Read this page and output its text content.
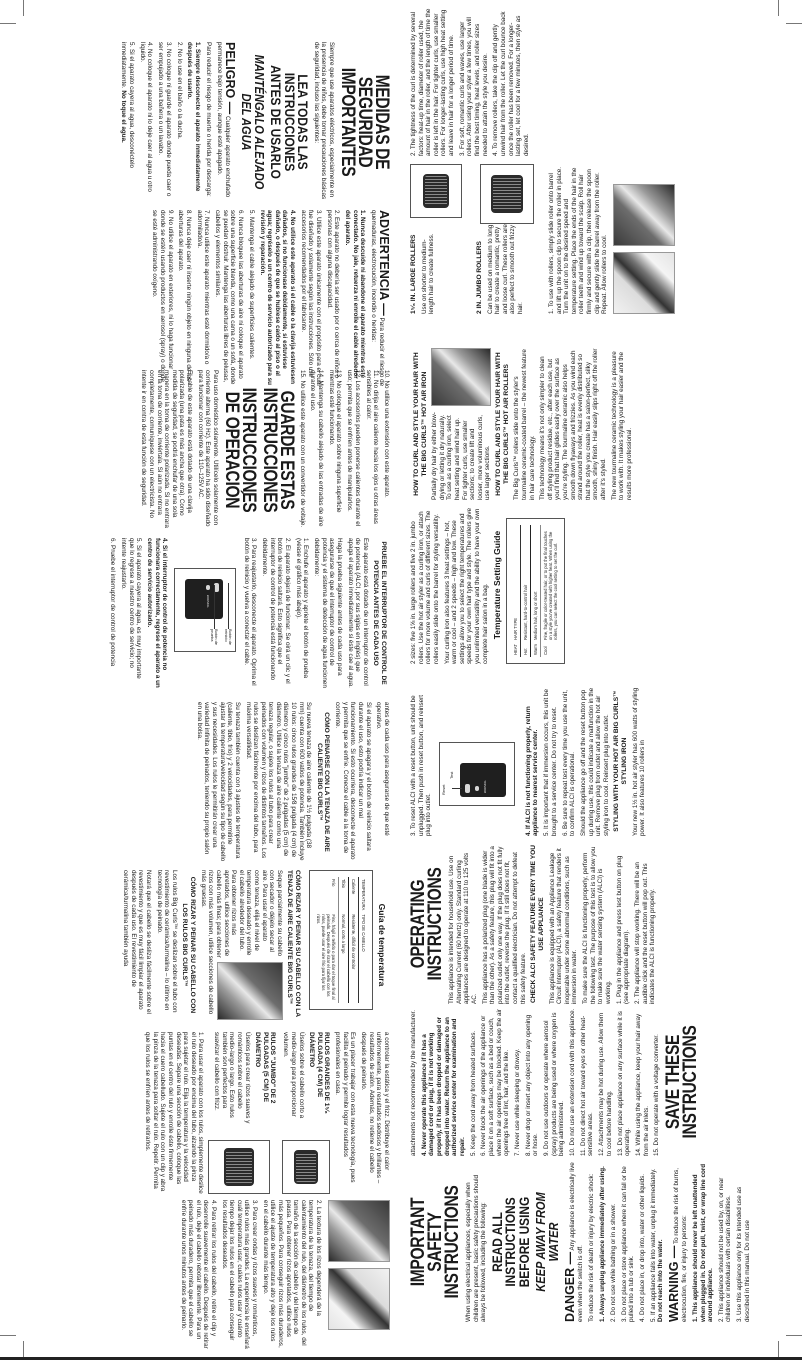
MEDIDAS DE SEGURIDAD IMPORTANTES

Siempre que use aparatos eléctricos, especialmente en la presencia de niños, debe tomar precauciones básicas de seguridad, incluso las siguientes:

LEA TODAS LAS INSTRUCCIONES ANTES DE USARLO
MANTÉNGALO ALEJADO DEL AGUA

PELIGRO — Cualquier aparato enchufado permanece bajo tensión, aunque esté apagado.

Para reducir el riesgo de muerte o herida por descarga:

1. Siempre desconecte el aparato inmediatamente después de usarlo.

2. No lo use en el baño o la ducha.

3. No coloque ni guarde el aparato donde pueda caer o ser empujado a una bañera o un lavabo.

4. No coloque el aparato ni lo deje caer al agua u otro líquido.

5. Si el aparato cayera al agua, desconéctelo inmediatamente. No toque el agua.

ADVERTENCIA — Para reducir el riesgo de quemaduras, electrocución, incendio o heridas:

1. Nunca descuide ni abandone el aparato mientras esté conectado. No jale, retuerza ni enrolle el cable alrededor del aparato.

2. Este aparato no debería ser usado por o cerca de niños o personas con alguna discapacidad.

3. Utilice este aparato únicamente con el propósito para el cual fue diseñado y solamente según las instrucciones. Sólo use accesorios recomendados por el fabricante.

4. No utilice este aparato si el cable o la clavija estuviesen dañados, si no funcionase debidamente, si estuviese dañado, o después de que se hubiese caído al piso o al agua; regréselo a un centro de servicio autorizado para su revisión y reparación.

5. Mantenga el cable alejado de superficies calientes.

6. Nunca bloquee las aberturas de aire ni coloque el aparato sobre una superficie blanda, como una cama o un sofá, donde se puedan obstruir. Mantenga las aberturas libres de pelusas, cabellos y elementos similares.

7. Nunca utilice este aparato mientras esté dormido/a o adormilado/a.

8. Nunca deje caer ni inserte ningún objeto en ninguna de las aberturas del aparato.

9. No utilice el aparato en exteriores, ni lo haga funcionar donde se estén usando productos en aerosol (spray) o donde se esté administrando oxígeno.

10. No utilice una extensión con este aparato.

11. No dirija el aire caliente hacia los ojos u otras áreas sensibles al calor.

12. Los accesorios pueden ponerse calientes durante el uso; permita que se enfríen antes de manipularlos.

13. No coloque el aparato sobre ninguna superficie mientras esté funcionando.

14. Mantenga su cabello alejado de las entradas de aire durante el uso.

15. No utilice este aparato con un convertidor de voltaje.

GUARDE ESTAS INSTRUCCIONES
INSTRUCCIONES DE OPERACIÓN

Para uso doméstico solamente. Utilícelo solamente con corriente alterna (60 Hz). Este aparato ha sido diseñado para funcionar con corriente de 110–125V AC.

El cable de este aparato está dotado de una clavija polarizada (una pata es más ancha que otra). Como medida de seguridad, se podrá enchufar de una sola manera en la toma de corriente polarizada. Si no entrara en la toma de corriente, inviértala. Si aún no entrara completamente, comuníquese con un electricista. No intente ir en contra de esta función de seguridad.

PRUEBE EL INTERRUPTOR DE CONTROL DE POTENCIA ANTES DE CADA USO

Este aparato está dotado de un interruptor de control de potencia (ALCI, por sus siglas en inglés) que apaga el aparato inmediatamente si éste cae al agua.

Haga la prueba siguiente antes de cada uso para asegurarse de que el interruptor de control de potencia y el sistema de detección de agua funcionen debidamente:

1. Enchufe el aparato y apriete el botón de prueba (véase el gráfico más abajo).

2. El aparato dejará de funcionar. Se oirá un clic y el botón de reinicio saltará. Esto significa que el interruptor de control de potencia está funcionando debidamente.

3. Para reajustarlo, desconecte el aparato. Oprima el botón de reinicio y vuelva a conectar el cable.

WARNING
Botón de reinicio
Botón de prueba

4. Si el interruptor de control de potencia no funcionara correctamente, regrese el aparato a un centro de servicio autorizado.

5. Si el aparato cayera al agua, es muy importante que lo regrese a nuestro centro de servicio; no intente reajustarlo.

6. Pruebe el interruptor de control de potencia

antes de cada uso para asegurarse de que esté operativo.

Si el aparato se apagara y el botón de reinicio saltara durante el uso, esto podría indicar un mal funcionamiento. Si esto ocurriera, desconecte el aparato y permita que se enfríe. Conecte el cable a la toma de corriente.

CÓMO PEINARSE CON LA TENAZA DE AIRE CALIENTE BIG CURLS™

Su nueva tenaza de aire caliente de 1½ pulgada (38 mm) cuenta con 600 vatios de potencia. También incluye 10 rulos: cinco rulos grandes de 15⁄8 pulgada (4 cm) de diámetro y cinco rulos "jumbo" de 2 pulgadas (5 cm) de diámetro. Utilice la tenaza de aire caliente como una tenaza regular, o sujete los rulos al tubo para crear peinados con volumen y rizos de distintos tamaños. Los rulos se deslizan fácilmente por encima del tubo, para máxima versatilidad.

Su tenaza también cuenta con 3 ajustes de temperatura (caliente, tibio, frío) y 2 velocidades, para permitirle ajustar la temperatura/velocidad según su tipo de cabello y sus necesidades. Los rulos le permitirán crear una variedad infinita de peinados, teniendo su propio salón en una bolsa.

Guía de temperatura
TEMPERATURA	TIPO DE CABELLO
Caliente	Resistente, difícil de controlar
Tibio	Normal, corto a largo
Frío	Fino, frágil o teñido o para dar el toque final al peinado. Después de rizar el cabello con los rulos, puede usar el aire frío para fijar los rizos.
CÓMO RIZAR Y PEINAR SU CABELLO CON LA TENAZA DE AIRE CALIENTE BIG CURLS™

Seque parcialmente su cabello con secador o déjelo secar al aire. Para usar el aparato como tenaza, elija el nivel de temperatura deseado y enrolle el cabello alrededor del tubo. Para obtener rizos más apretados, utilice secciones de cabello más finas; para obtener rizos con más volumen, utilice secciones de cabello más gruesas.

CÓMO RIZAR Y PEINAR SU CABELLO CON LOS RULOS BIG CURLS™

Los rulos Big Curls™ se deslizan sobre el tubo con revestimiento de cerámica/turmalina – lo último en tecnología de peinado.

Notará que el cabello se desliza fácilmente sobre el revestimiento y que es muy fácil limpiar el aparato después de cada uso. El revestimiento de cerámica/turmalina también ayuda

a controlar la estática y el frizz. Distribuye el calor uniformemente, para resultados sedosos y brillantes – resultados de salón. Además, no retiene el cabello después de peinarlo.

Es un placer trabajar con esta nueva tecnología, pues facilita el peinado y permite lograr resultados profesionales en casa.

RULOS GRANDES DE 1⁵⁄₈ PULGADA (4 CM) DE DIÁMETRO

Úselos sobre el cabello corto a medio-largo para proporcionar volumen.

RULOS "JUMBO" DE 2 PULGADAS (5 CM) DE DIÁMETRO

Úselos para crear rizos suaves y románticos sobre el cabello medio-largo o largo. Esto rulos también son perfectos para suavizar el cabello con frizz.

1. Para usar el aparato con los rulos, simplemente deslice el rulo deseado por encima del tubo, alzando la pinza para sujetar el rulo. Elija la temperatura y la velocidad deseadas. Separe una sección de cabello, coloque las puntas en el centro del rulo y enrolle éste firmemente hacia el cuero cabelludo. Sujete el rulo con un clip y abra la pinza de la tenaza para soltar el rulo. Repetir. Permita que los rulos se enfríen antes de retirarlos.

2. La textura de los rizos dependerá de la temperatura de la tenaza, del tiempo de calentamiento del rulo, del diámetro de los rulos, del tamaño de la sección de cabello y del tiempo de pausa. Para obtener rizos apretados, utilice rulos más pequeños. Para conseguir rizos más duraderos, utilice el ajuste de temperatura alto y deje los rulos en el cabello durante más tiempo.

3. Para crear ondas y rizos suaves y románticos, utilice rulos más grandes. La experiencia le enseñará cuál temperatura usar, cuáles rulos usar y cuánto tiempo dejar los rulos en el cabello para conseguir los resultados deseados.

4. Para retirar los rulos del cabello, retire el clip y desenrolle suavemente el cabello. Después de retirar el rulo, deje el cabello rebotar libremente. Para un peinado más duradero, permita que el cabello se enfríe durante unos minutos antes de peinarlo.	IMPORTANT SAFETY INSTRUCTIONS When using electrical appliances, especially when children are present, basic safety precautions should always be followed, including the following: READ ALL INSTRUCTIONS BEFORE USING KEEP AWAY FROM WATER

DANGER — Any appliance is electrically live even when the switch is off. To reduce the risk of death or injury by electric shock: 1. Always unplug appliance immediately after using. 2. Do not use while bathing or in a shower. 3. Do not place or store appliance where it can fall or be pulled into a tub or sink. 4. Do not place in, or drop into, water or other liquids. 5. If an appliance falls into water, unplug it immediately. Do not reach into the water. WARNING — To reduce the risk of burns, electrocution, fire, or injury to persons: 1. This appliance should never be left unattended when plugged in. Do not pull, twist, or wrap line cord around appliance. 2. This appliance should not be used by, on, or near children or individuals with certain disabilities. 3. Use this appliance only for its intended use as described in this manual. Do not use

attachments not recommended by the manufacturer. 4. Never operate this appliance if it has a damaged cord or plug, if it is not working properly, if it has been dropped or damaged or dropped into water. Return the appliance to an authorized service center for examination and repair. 5. Keep the cord away from heated surfaces. 6. Never block the air openings of the appliance or place it on a soft surface, such as a bed or couch, where the air openings may be blocked. Keep the air openings free of lint, hair, and the like. 7. Never use while sleeping or drowsy. 8. Never drop or insert any object into any opening or hose. 9. Do not use outdoors or operate where aerosol (spray) products are being used or where oxygen is being administered. 10. Do not use an extension cord with this appliance. 11. Do not direct hot air toward eyes or other heat-sensitive areas. 12. Attachments may be hot during use. Allow them to cool before handling. 13. Do not place appliance on any surface while it is operating. 14. While using the appliance, keep your hair away from the air inlets. 15. Do not operate with a voltage converter. SAVE THESE INSTRUCTIONS
OPERATING INSTRUCTIONS This appliance is intended for household use. Use on Alternating Current (60 hertz) only. Standard curling appliances are designed to operate at 110 to 125 volts AC. This appliance has a polarized plug (one blade is wider than the other). As a safety feature, this plug will fit into a polarized outlet only one way. If the plug does not fit fully into the outlet, reverse the plug. If it still does not fit, contact a qualified electrician. Do not attempt to defeat this safety feature. CHECK ALCI SAFETY FEATURE EVERY TIME YOU USE APPLIANCE This appliance is equipped with an Appliance Leakage Circuit Interrupter (ALCI), a safety feature that renders it inoperable under some abnormal conditions, such as immersion in water. To make sure the ALCI is functioning properly, perform the following test. The purpose of this test is to allow you to make sure the water sensing system (ALCI) is working. 1. Plug in the appliance and press test button on plug (see appropriate diagram). 2. The appliance will stop working. There will be an audible click and the reset button will pop out. This indicates the ALCI is functioning properly.

3. To reset ALCI with a reset button, unit should be unplugged. Then push in reset button, and reinsert plug into outlet.

WARNING
Reset
Test	4. If ALCI is not functioning properly, return appliance to nearest service center. 5. It is important that if immersion occurs, this unit be brought to a service center. Do not try to reset. 6. Be sure to repeat test every time you use the unit, to confirm ALCI is operational. Should the appliance go off and the reset button pop up during use, this could indicate a malfunction in the unit. Remove plug from outlet and allow the hot air styling iron to cool. Reinsert plug into outlet. STYLING WITH YOUR HOT AIR BIG CURLS™ STYLING IRON Your new 1½ in. hot air styler has 600 watts of styling power. It also features 10 rollers in

2 sizes: five 1⅝ in. large rollers and five 2 in. jumbo rollers. Use the hot air styler as a curling iron, or attach rollers for more volume and curls of different sizes. The rollers easily slide onto the barrel for styling versatility. Your curling iron also features 3 heat settings – hot, warm or cool – and 2 speeds – high and low. These settings allow you to select the right temperatures and speeds for your own hair type and style. The rollers give you unlimited versatility and the ability to have your own complete hair salon in a bag. Temperature Setting Guide
HEAT	HAIR TYPE
Hot	Resistant, hard-to-control hair
Warm	Medium hair, long or short
Cool	Fine, fragile or color-treated hair, or to put the final touches on a style you've created with higher heat. When using the rollers, you can select the cool setting to set the curl.
HOW TO CURL AND STYLE YOUR HAIR WITH THE BIG CURLS™ HOT AIR IRON Partially dry hair by either blow-drying or letting it dry naturally. To use as a curling iron, select heat setting and wind hair up. For tighter curls, use smaller sections; to create lift and looser, more voluminous curls, use larger sections. HOW TO CURL AND STYLE YOUR HAIR WITH THE BIG CURLS™ HOT AIR ROLLERS The Big Curls™ rollers slide onto the styler's tourmaline ceramic-coated barrel – the newest feature in hair care technology. This technology means it's not only simpler to clean off styling product residue, etc., after each use, but you'll find that hair glides easily over the surface as you're styling. The tourmaline ceramic also helps smooth down flyaways and frizzies. As you wind each strand around the roller, heat is evenly distributed so that the style you create has a salon-perfect, silky smooth, shiny finish. Hair easily slips right off the roller after it's styled. The new tourmaline ceramic technology is a pleasure to work with. It makes styling your hair easier and the results more professional.

1⁵⁄₈ IN. LARGE ROLLERS Use on shorter to medium-length hair to create fullness.	2 IN. JUMBO ROLLERS Can be used on medium to long hair to create a romantic, pretty and loose curl. These rollers are also perfect to smooth out frizzy hair.	1. To use with rollers, simply slide roller onto barrel and lift up the spoon clip to secure the roller in place. Turn the unit on to the desired speed and temperature setting. Place the ends of the hair in the roller teeth and wind up toward the scalp. Roll hair firmly and secure with a clip, then release the spoon clip and gently slide the barrel away from the roller. Repeat. Allow rollers to cool.

2. The tightness of the curl is determined by several factors: heat-up time, diameter of roller used, the amount of hair in the roller, and the length of time the roller is left in the hair. For tighter curls, use smaller rollers. For longer-lasting curls, use high heat setting and leave in hair for a longer period of time. 3. For soft, romantic curls and waves, use larger rollers. After using your styler a few times, you will find the best timing, heat levels, and roller sizes needed to attain the style you desire. 4. To remove rollers, take the clip off and gently unwind hair from the roller. Let the curl bounce back once the roller has been removed. For a longer-lasting set, let cool for a few minutes, then style as desired.
